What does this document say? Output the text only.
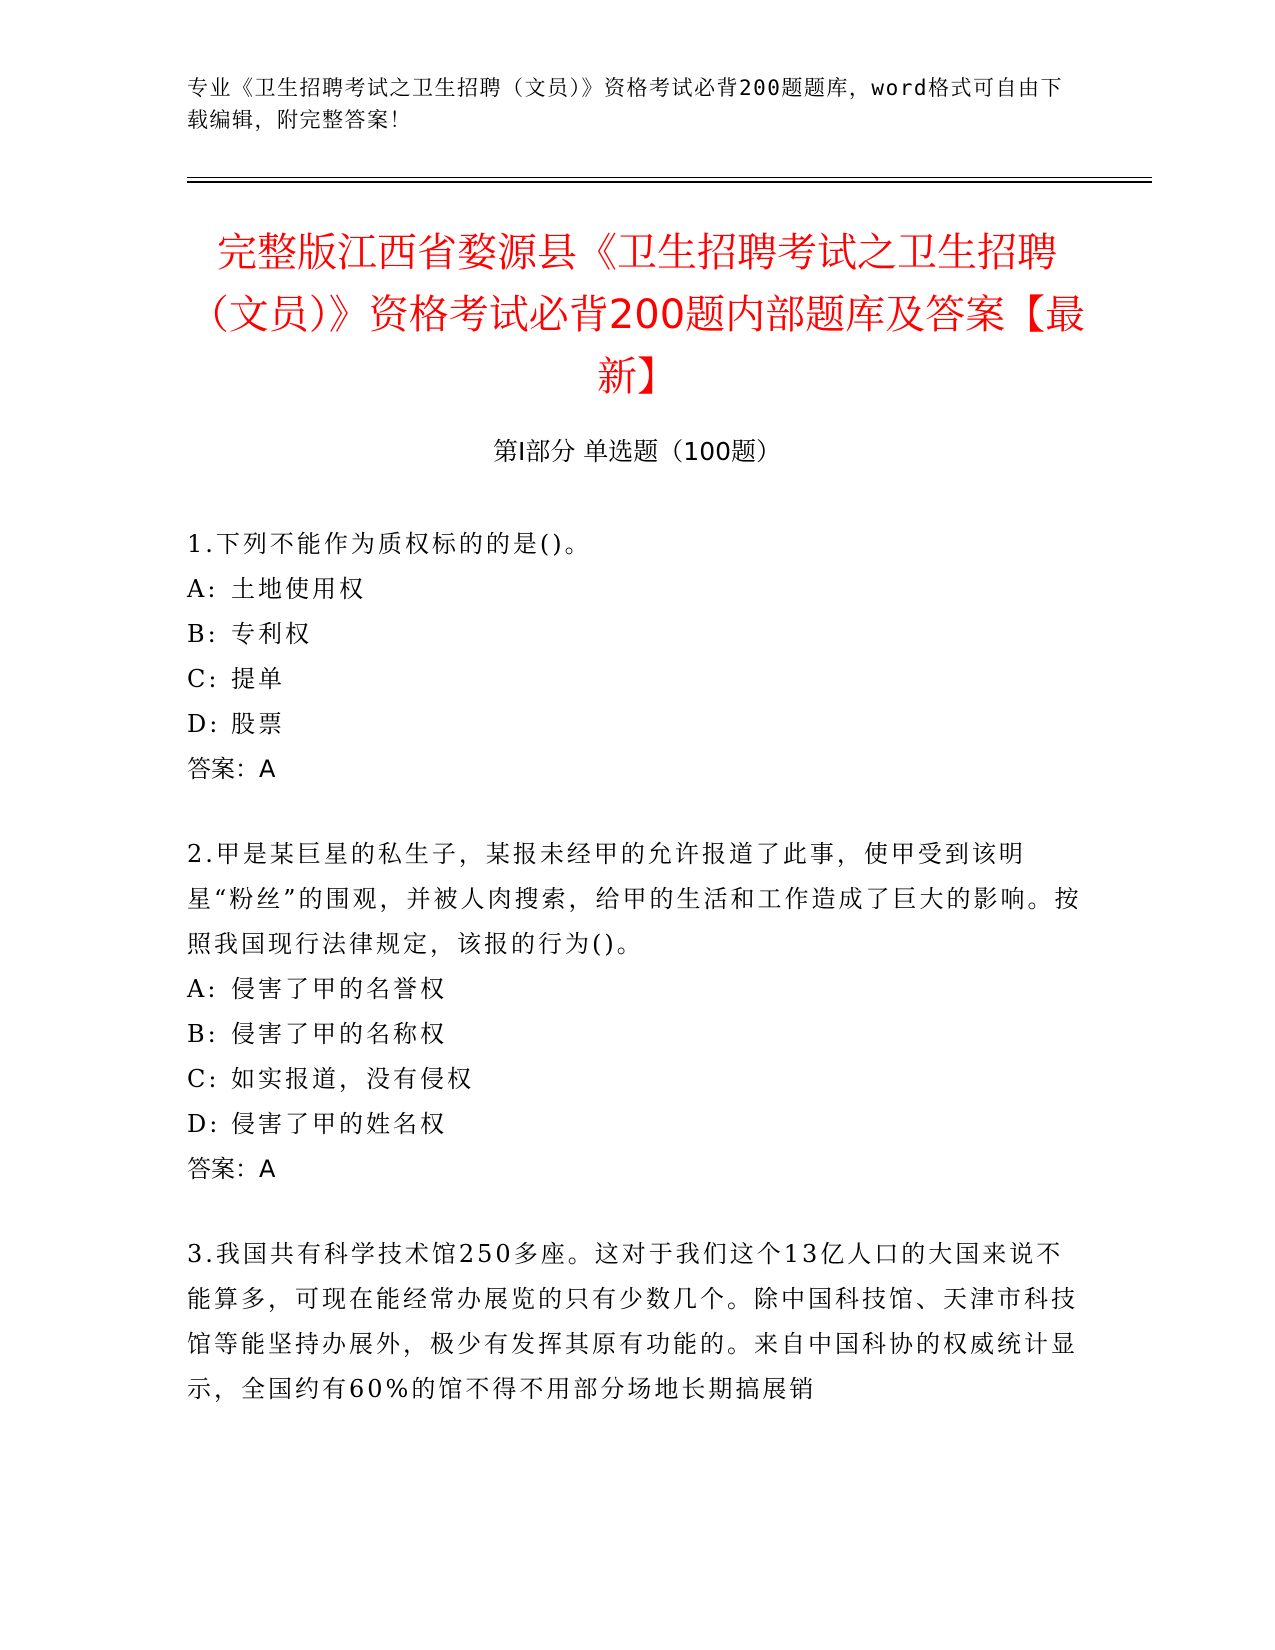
专业《卫生招聘考试之卫生招聘（文员）》资格考试必背200题题库，word格式可自由下载编辑，附完整答案！
完整版江西省婺源县《卫生招聘考试之卫生招聘（文员）》资格考试必背200题内部题库及答案【最新】
第Ⅰ部分 单选题（100题）

1.下列不能作为质权标的的是()。

A: 土地使用权

B: 专利权

C: 提单

D: 股票

答案：A

2.甲是某巨星的私生子，某报未经甲的允许报道了此事，使甲受到该明星“粉丝”的围观，并被人肉搜索，给甲的生活和工作造成了巨大的影响。按照我国现行法律规定，该报的行为()。

A: 侵害了甲的名誉权

B: 侵害了甲的名称权

C: 如实报道，没有侵权

D: 侵害了甲的姓名权

答案：A

3.我国共有科学技术馆250多座。这对于我们这个13亿人口的大国来说不能算多，可现在能经常办展览的只有少数几个。除中国科技馆、天津市科技馆等能坚持办展外，极少有发挥其原有功能的。来自中国科协的权威统计显示，全国约有60%的馆不得不用部分场地长期搞展销
